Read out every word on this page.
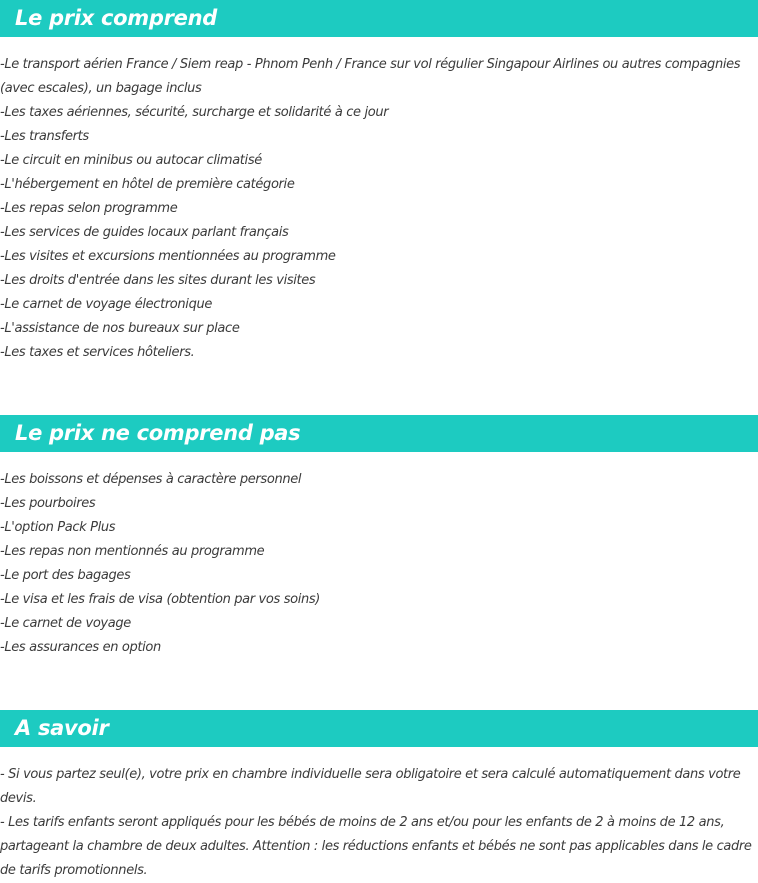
Le prix comprend
-Le transport aérien France / Siem reap - Phnom Penh / France sur vol régulier Singapour Airlines ou autres compagnies (avec escales), un bagage inclus
-Les taxes aériennes, sécurité, surcharge et solidarité à ce jour
-Les transferts
-Le circuit en minibus ou autocar climatisé
-L'hébergement en hôtel de première catégorie
-Les repas selon programme
-Les services de guides locaux parlant français
-Les visites et excursions mentionnées au programme
-Les droits d'entrée dans les sites durant les visites
-Le carnet de voyage électronique
-L'assistance de nos bureaux sur place
-Les taxes et services hôteliers.
Le prix ne comprend pas
-Les boissons et dépenses à caractère personnel
-Les pourboires
-L'option Pack Plus
-Les repas non mentionnés au programme
-Le port des bagages
-Le visa et les frais de visa (obtention par vos soins)
-Le carnet de voyage
-Les assurances en option
A savoir
- Si vous partez seul(e), votre prix en chambre individuelle sera obligatoire et sera calculé automatiquement dans votre devis.
- Les tarifs enfants seront appliqués pour les bébés de moins de 2 ans et/ou pour les enfants de 2 à moins de 12 ans, partageant la chambre de deux adultes. Attention : les réductions enfants et bébés ne sont pas applicables dans le cadre de tarifs promotionnels.
